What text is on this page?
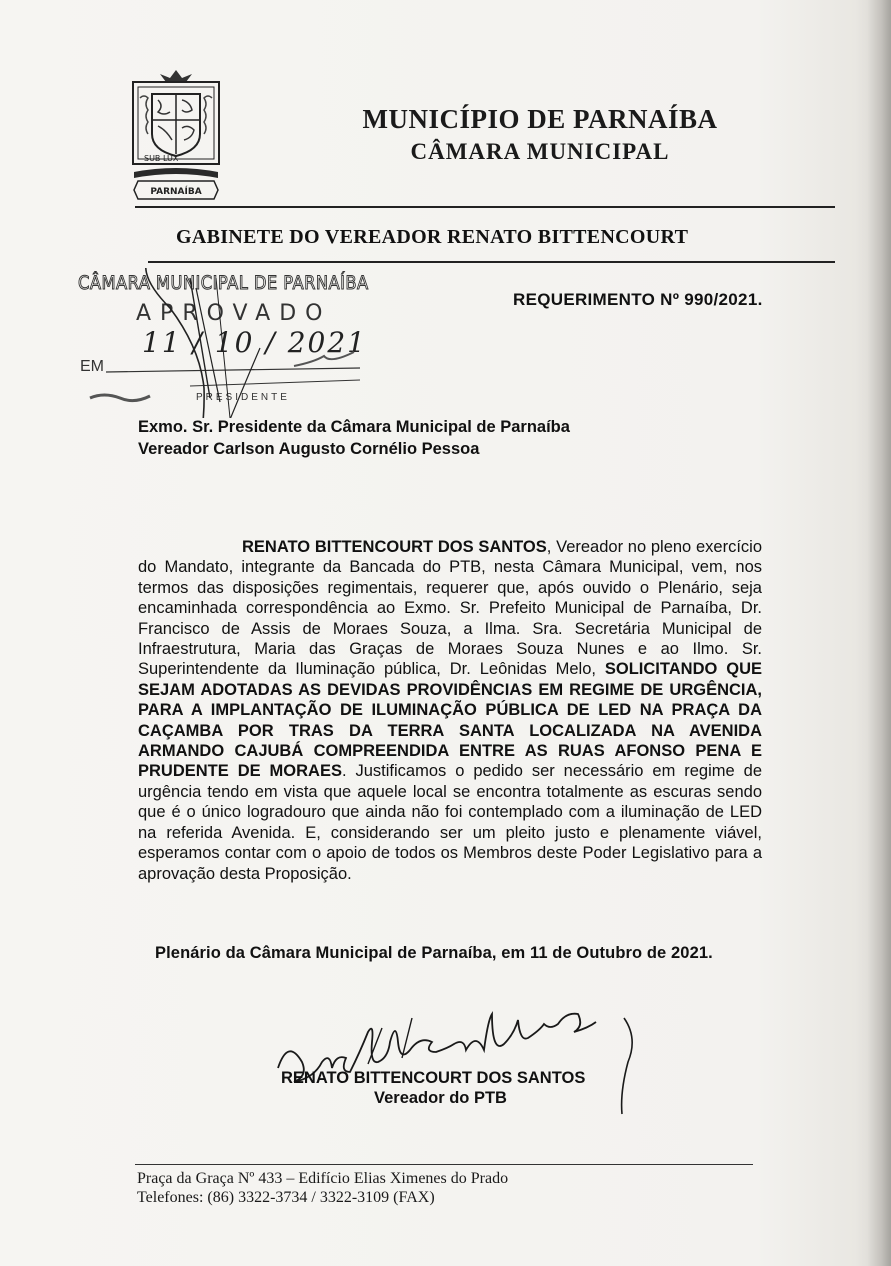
SUB LUX
PARNAÍBA
MUNICÍPIO DE PARNAÍBA
CÂMARA MUNICIPAL
GABINETE DO VEREADOR RENATO BITTENCOURT
CÂMARA MUNICIPAL DE PARNAÍBA
APROVADO
EM
11 / 10 / 2021
PRESIDENTE
REQUERIMENTO Nº 990/2021.
Exmo. Sr. Presidente da Câmara Municipal de Parnaíba
Vereador Carlson Augusto Cornélio Pessoa
RENATO BITTENCOURT DOS SANTOS, Vereador no pleno exercício do Mandato, integrante da Bancada do PTB, nesta Câmara Municipal, vem, nos termos das disposições regimentais, requerer que, após ouvido o Plenário, seja encaminhada correspondência ao Exmo. Sr. Prefeito Municipal de Parnaíba, Dr. Francisco de Assis de Moraes Souza, a Ilma. Sra. Secretária Municipal de Infraestrutura, Maria das Graças de Moraes Souza Nunes e ao Ilmo. Sr. Superintendente da Iluminação pública, Dr. Leônidas Melo, SOLICITANDO QUE SEJAM ADOTADAS AS DEVIDAS PROVIDÊNCIAS EM REGIME DE URGÊNCIA, PARA A IMPLANTAÇÃO DE ILUMINAÇÃO PÚBLICA DE LED NA PRAÇA DA CAÇAMBA POR TRAS DA TERRA SANTA LOCALIZADA NA AVENIDA ARMANDO CAJUBÁ COMPREENDIDA ENTRE AS RUAS AFONSO PENA E PRUDENTE DE MORAES. Justificamos o pedido ser necessário em regime de urgência tendo em vista que aquele local se encontra totalmente as escuras sendo que é o único logradouro que ainda não foi contemplado com a iluminação de LED na referida Avenida. E, considerando ser um pleito justo e plenamente viável, esperamos contar com o apoio de todos os Membros deste Poder Legislativo para a aprovação desta Proposição.
Plenário da Câmara Municipal de Parnaíba, em 11 de Outubro de 2021.
RENATO BITTENCOURT DOS SANTOS
Vereador do PTB
Praça da Graça Nº 433 – Edifício Elias Ximenes do Prado
Telefones: (86) 3322-3734 / 3322-3109 (FAX)
